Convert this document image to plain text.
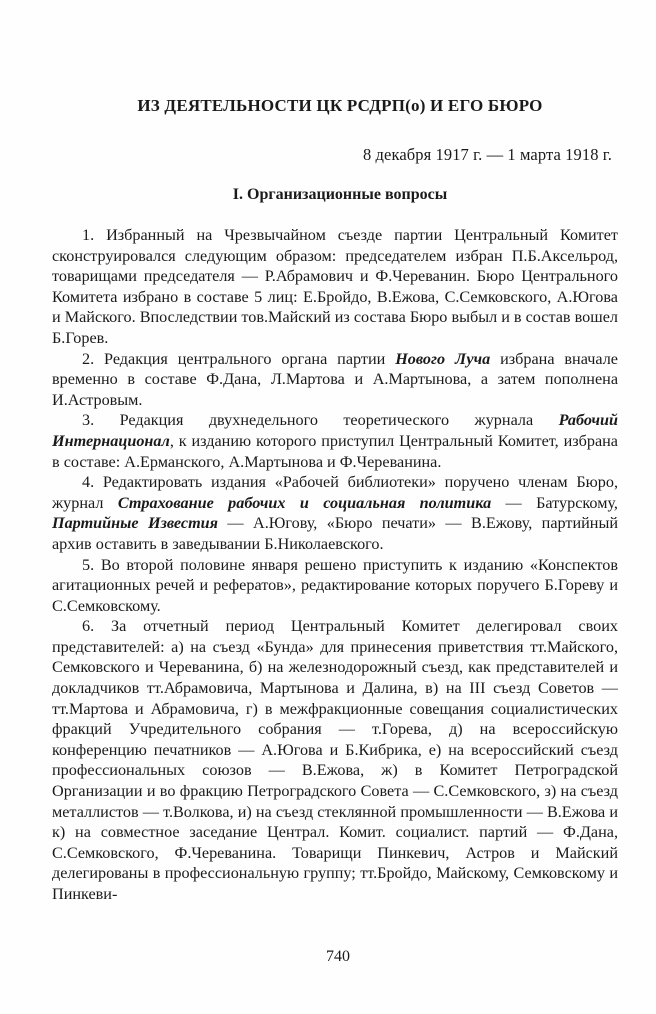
ИЗ ДЕЯТЕЛЬНОСТИ ЦК РСДРП(о) И ЕГО БЮРО
8 декабря 1917 г. — 1 марта 1918 г.
I. Организационные вопросы

1. Избранный на Чрезвычайном съезде партии Центральный Комитет сконструировался следующим образом: председателем избран П.Б.Аксельрод, товарищами председателя — Р.Абрамович и Ф.Череванин. Бюро Центрального Комитета избрано в составе 5 лиц: Е.Бройдо, В.Ежова, С.Семковского, А.Югова и Майского. Впоследствии тов.Майский из состава Бюро выбыл и в состав вошел Б.Горев.

2. Редакция центрального органа партии Нового Луча избрана вначале временно в составе Ф.Дана, Л.Мартова и А.Мартынова, а затем пополнена И.Астровым.

3. Редакция двухнедельного теоретического журнала Рабочий Интернационал, к изданию которого приступил Центральный Комитет, избрана в составе: А.Ерманского, А.Мартынова и Ф.Череванина.

4. Редактировать издания «Рабочей библиотеки» поручено членам Бюро, журнал Страхование рабочих и социальная политика — Батурскому, Партийные Известия — А.Югову, «Бюро печати» — В.Ежову, партийный архив оставить в заведывании Б.Николаевского.

5. Во второй половине января решено приступить к изданию «Конспектов агитационных речей и рефератов», редактирование которых поручего Б.Гореву и С.Семковскому.

6. За отчетный период Центральный Комитет делегировал своих представителей: а) на съезд «Бунда» для принесения приветствия тт.Майского, Семковского и Череванина, б) на железнодорожный съезд, как представителей и докладчиков тт.Абрамовича, Мартынова и Далина, в) на III съезд Советов — тт.Мартова и Абрамовича, г) в межфракционные совещания социалистических фракций Учредительного собрания — т.Горева, д) на всероссийскую конференцию печатников — А.Югова и Б.Кибрика, е) на всероссийский съезд профессиональных союзов — В.Ежова, ж) в Комитет Петроградской Организации и во фракцию Петроградского Совета — С.Семковского, з) на съезд металлистов — т.Волкова, и) на съезд стеклянной промышленности — В.Ежова и к) на совместное заседание Централ. Комит. социалист. партий — Ф.Дана, С.Семковского, Ф.Череванина. Товарищи Пинкевич, Астров и Майский делегированы в профессиональную группу; тт.Бройдо, Майскому, Семковскому и Пинкеви-

740
